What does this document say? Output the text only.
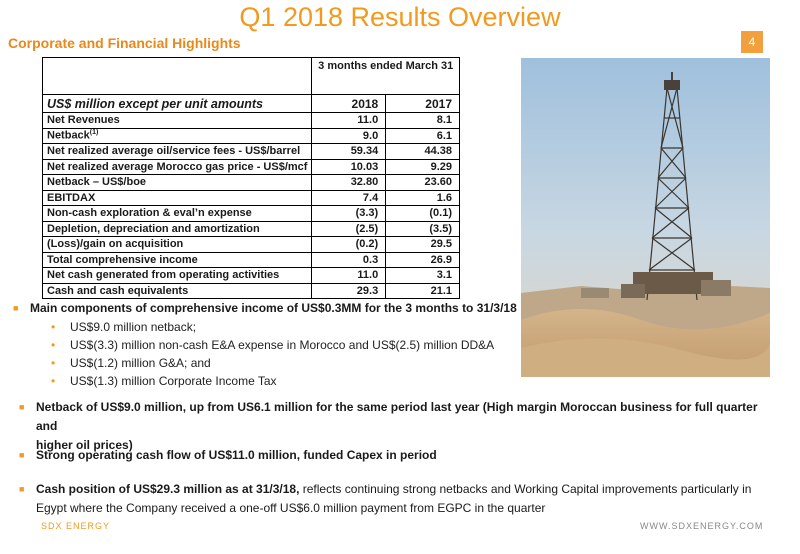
Q1 2018 Results Overview
Corporate and Financial Highlights	4
	3 months ended March 31	
US$ million except per unit amounts	2018	2017
Net Revenues	11.0	8.1
Netback$^{(1)}$	9.0	6.1
Net realized average oil/service fees - US$/barrel	59.34	44.38
Net realized average Morocco gas price - US$/mcf	10.03	9.29
Netback – US$/boe	32.80	23.60
EBITDAX	7.4	1.6
Non-cash exploration & eval’n expense	(3.3)	(0.1)
Depletion, depreciation and amortization	(2.5)	(3.5)
(Loss)/gain on acquisition	(0.2)	29.5
Total comprehensive income	0.3	26.9
Net cash generated from operating activities	11.0	3.1
Cash and cash equivalents	29.3	21.1
■ Main components of comprehensive income of US$0.3MM for the 3 months to 31/3/18
• US$9.0 million netback;
• US$(3.3) million non-cash E&A expense in Morocco and US$(2.5) million DD&A
• US$(1.2) million G&A; and
• US$(1.3) million Corporate Income Tax
■ Netback of US$9.0 million, up from US6.1 million for the same period last year (High margin Moroccan business for full quarter and
higher oil prices)
■ Strong operating cash flow of US$11.0 million, funded Capex in period
■ Cash position of US$29.3 million as at 31/3/18, reflects continuing strong netbacks and Working Capital improvements particularly in
Egypt where the Company received a one-off US$6.0 million payment from EGPC in the quarter
SDX ENERGY	WWW.SDXENERGY.COM
